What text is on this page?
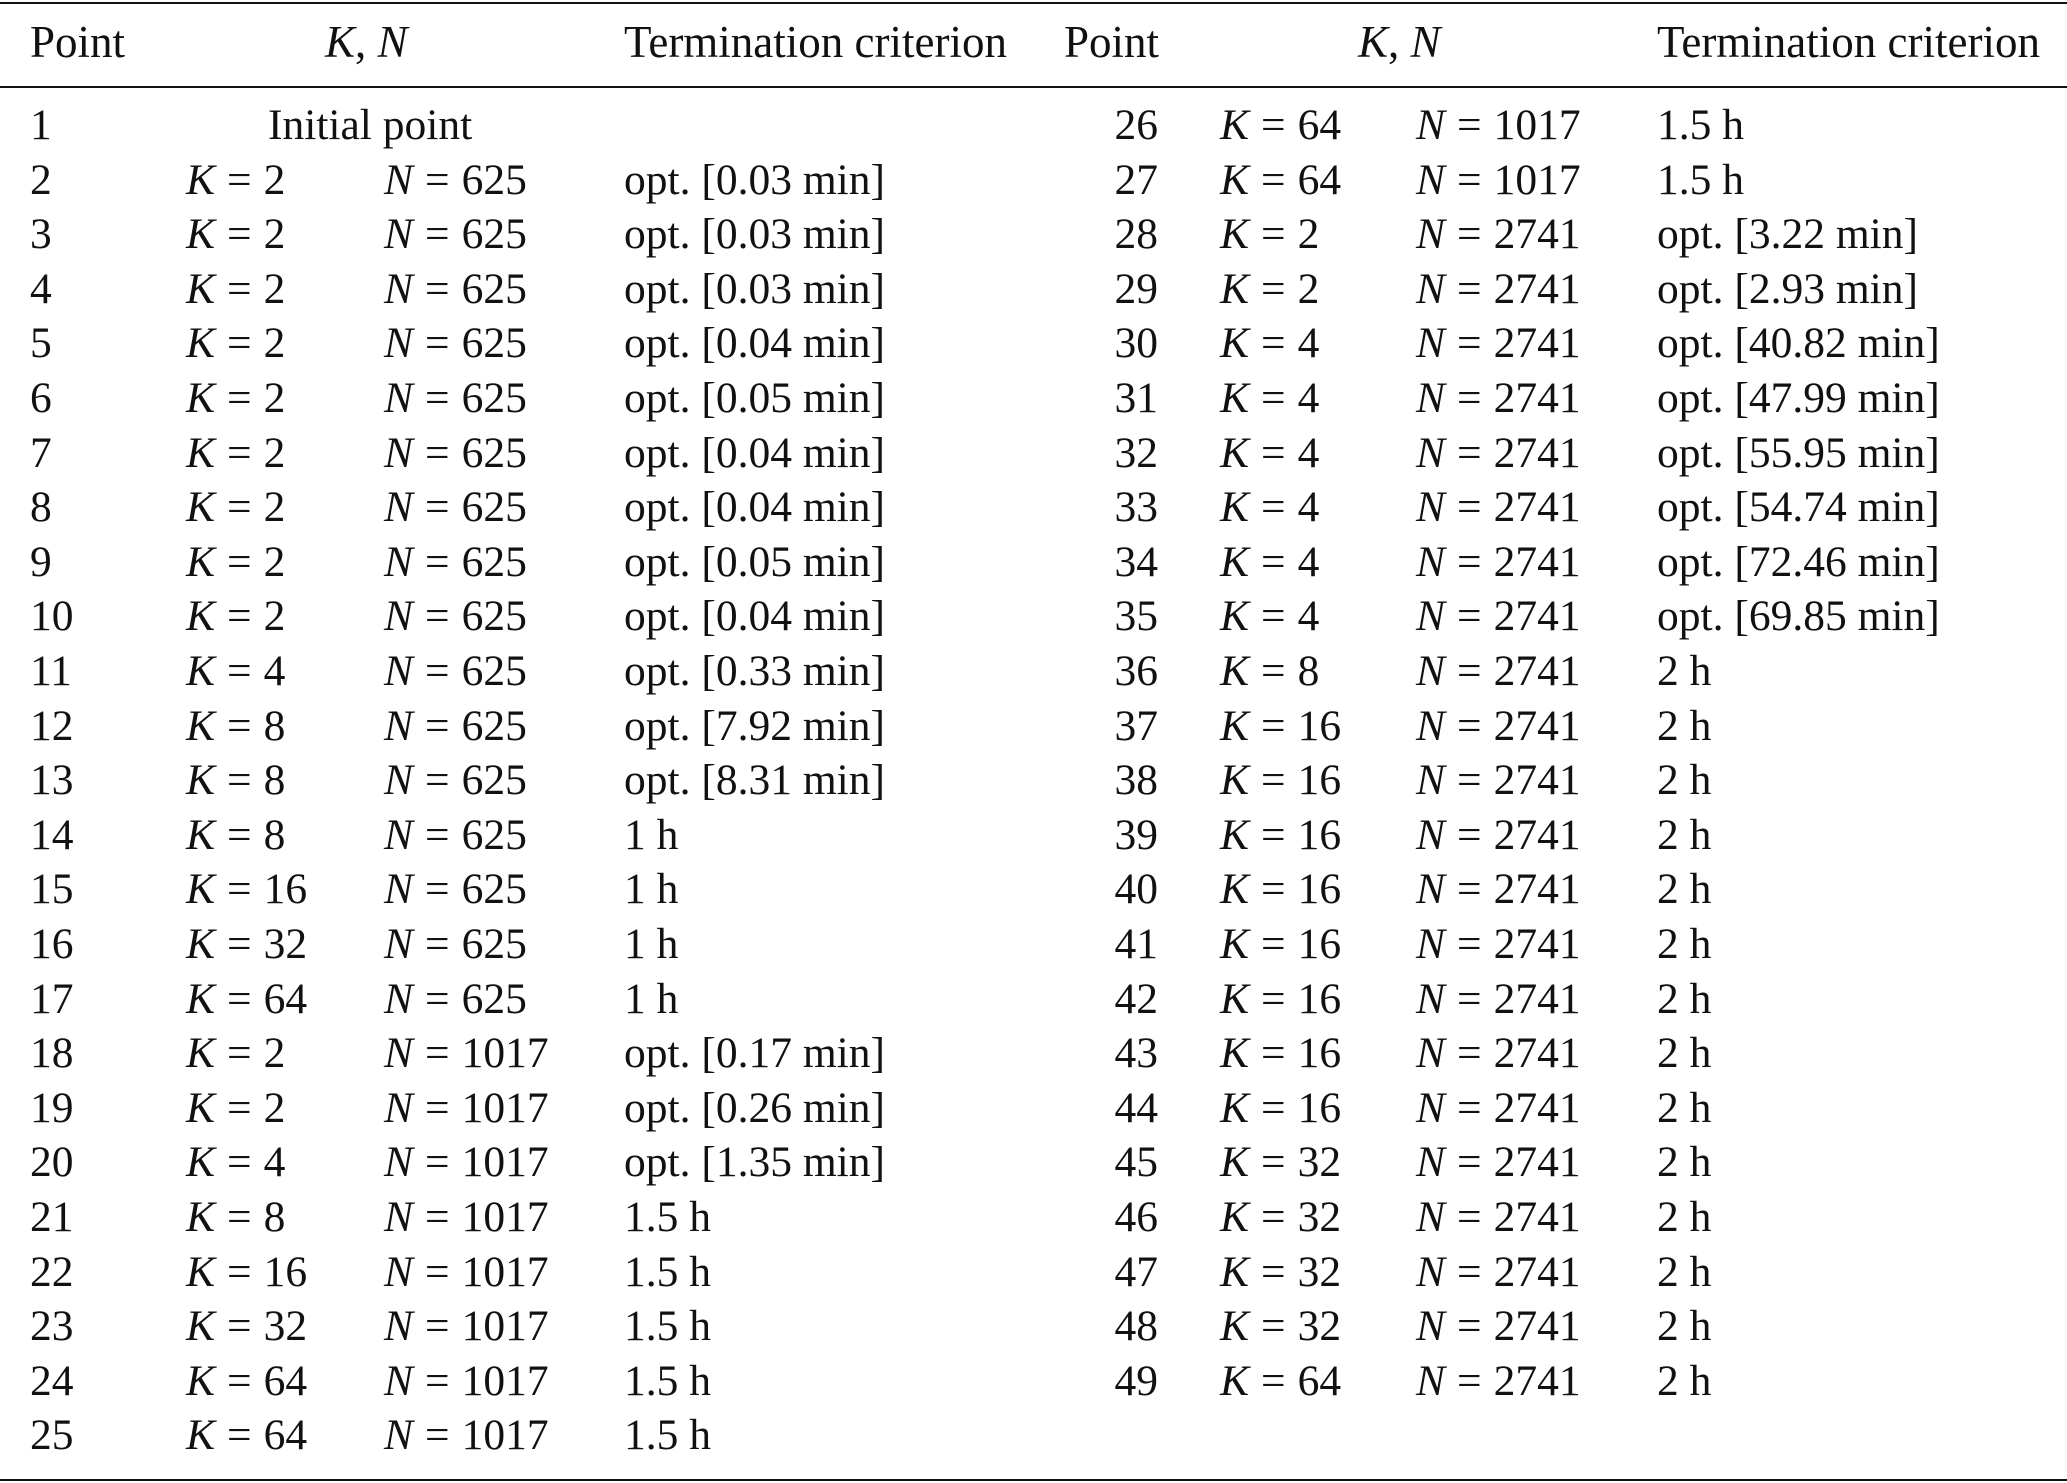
Point	K, N	Termination criterion Point	K, N	Termination criterion
1	Initial point
2	K = 2 N = 625 opt. [0.03 min]
3	K = 2 N = 625 opt. [0.03 min]
4	K = 2 N = 625 opt. [0.03 min]
5	K = 2 N = 625 opt. [0.04 min]
6	K = 2 N = 625 opt. [0.05 min]
7	K = 2 N = 625 opt. [0.04 min]
8	K = 2 N = 625 opt. [0.04 min]
9	K = 2 N = 625 opt. [0.05 min]
10	K = 2 N = 625 opt. [0.04 min]
11	K = 4 N = 625 opt. [0.33 min]
12	K = 8 N = 625 opt. [7.92 min]
13	K = 8 N = 625 opt. [8.31 min]
14	K = 8 N = 625 1 h
15	K = 16 N = 625 1 h
16	K = 32 N = 625 1 h
17	K = 64 N = 625 1 h
18	K = 2 N = 1017 opt. [0.17 min]
19	K = 2 N = 1017 opt. [0.26 min]
20	K = 4 N = 1017 opt. [1.35 min]
21	K = 8 N = 1017 1.5 h
22	K = 16 N = 1017 1.5 h
23	K = 32 N = 1017 1.5 h
24	K = 64 N = 1017 1.5 h
25	K = 64 N = 1017 1.5 h
26 K = 64 N = 1017 1.5 h
27 K = 64 N = 1017 1.5 h
28 K = 2 N = 2741 opt. [3.22 min]
29 K = 2 N = 2741 opt. [2.93 min]
30 K = 4 N = 2741 opt. [40.82 min]
31 K = 4 N = 2741 opt. [47.99 min]
32 K = 4 N = 2741 opt. [55.95 min]
33 K = 4 N = 2741 opt. [54.74 min]
34 K = 4 N = 2741 opt. [72.46 min]
35 K = 4 N = 2741 opt. [69.85 min]
36 K = 8 N = 2741 2 h
37 K = 16 N = 2741 2 h
38 K = 16 N = 2741 2 h
39 K = 16 N = 2741 2 h
40 K = 16 N = 2741 2 h
41 K = 16 N = 2741 2 h
42 K = 16 N = 2741 2 h
43 K = 16 N = 2741 2 h
44 K = 16 N = 2741 2 h
45 K = 32 N = 2741 2 h
46 K = 32 N = 2741 2 h
47 K = 32 N = 2741 2 h
48 K = 32 N = 2741 2 h
49 K = 64 N = 2741 2 h
